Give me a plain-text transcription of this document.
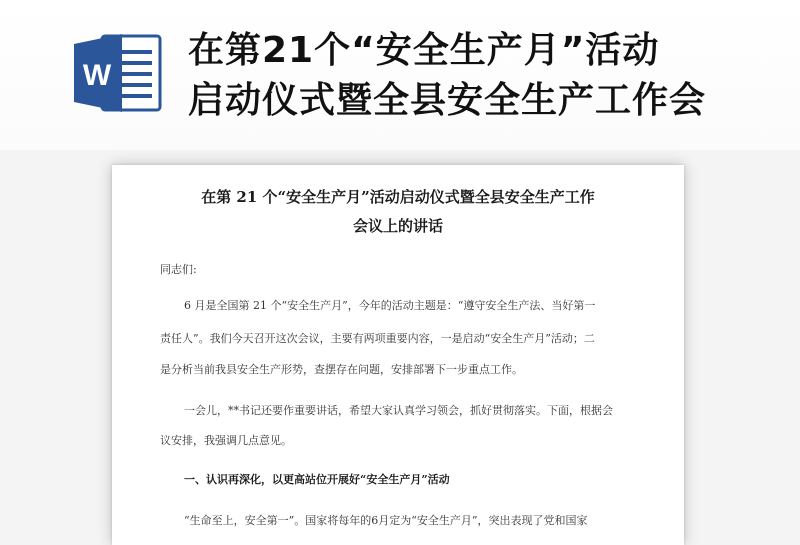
W
在第21个“安全生产月”活动
启动仪式暨全县安全生产工作会
在第 21 个“安全生产月”活动启动仪式暨全县安全生产工作
会议上的讲话
同志们:
6 月是全国第 21 个“安全生产月”，今年的活动主题是：“遵守安全生产法、当好第一
责任人”。我们今天召开这次会议，主要有两项重要内容，一是启动“安全生产月”活动；二
是分析当前我县安全生产形势，查摆存在问题，安排部署下一步重点工作。
一会儿，**书记还要作重要讲话，希望大家认真学习领会，抓好贯彻落实。下面，根据会
议安排，我强调几点意见。
一、认识再深化，以更高站位开展好“安全生产月”活动
“生命至上，安全第一”。国家将每年的6月定为“安全生产月”，突出表现了党和国家
